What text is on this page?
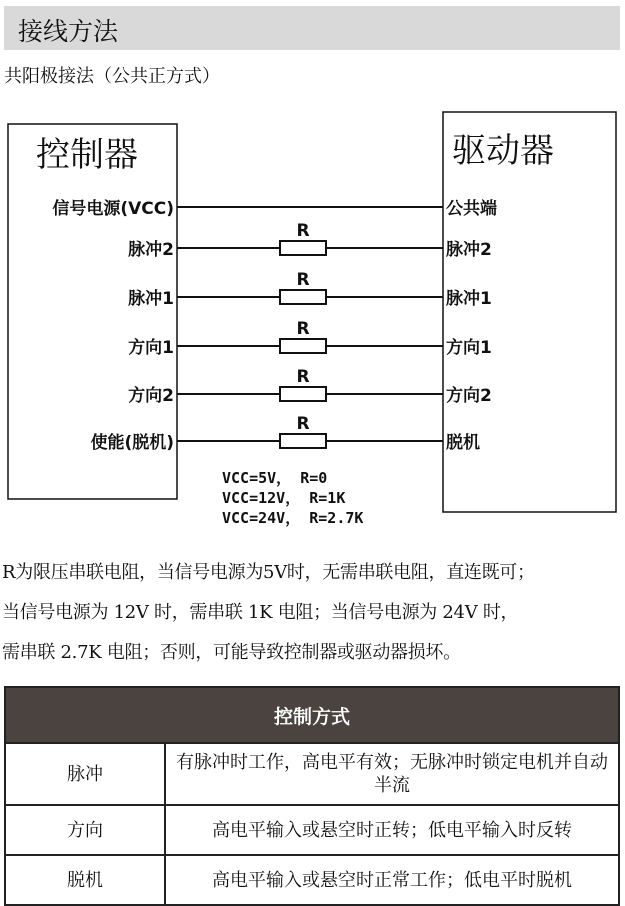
接线方法
共阳极接法（公共正方式）
控制器	驱动器
信号电源(VCC)	公共端
脉冲2
R
脉冲2
脉冲1
R
脉冲1
方向1
R
方向1
方向2
R
方向2
使能(脱机)
R
脱机
VCC=5V， R=0
VCC=12V， R=1K
VCC=24V， R=2.7K
R为限压串联电阻，当信号电源为5V时，无需串联电阻，直连既可；
当信号电源为 12V 时，需串联 1K 电阻；当信号电源为 24V 时，
需串联 2.7K 电阻；否则，可能导致控制器或驱动器损坏。
控制方式	
脉冲	有脉冲时工作，高电平有效；无脉冲时锁定电机并自动半流
方向	高电平输入或悬空时正转；低电平输入时反转
脱机	高电平输入或悬空时正常工作；低电平时脱机
